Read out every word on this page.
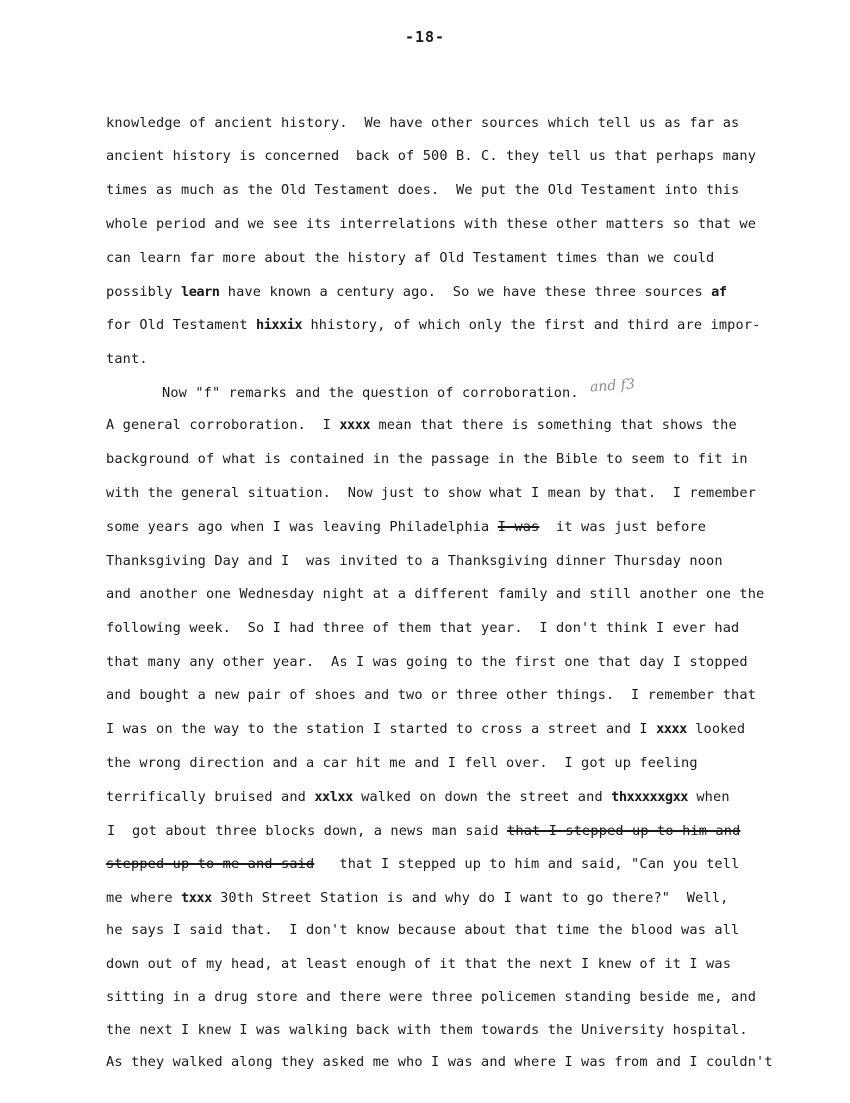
-18-
knowledge of ancient history.  We have other sources which tell us as far as
ancient history is concerned  back of 500 B. C. they tell us that perhaps many
times as much as the Old Testament does.  We put the Old Testament into this
whole period and we see its interrelations with these other matters so that we
can learn far more about the history af Old Testament times than we could
possibly learn have known a century ago.  So we have these three sources af
for Old Testament hixxix hhistory, of which only the first and third are impor-
tant.
Now "f" remarks and the question of corroboration.
A general corroboration.  I xxxx mean that there is something that shows the
background of what is contained in the passage in the Bible to seem to fit in
with the general situation.  Now just to show what I mean by that.  I remember
some years ago when I was leaving Philadelphia I was  it was just before
Thanksgiving Day and I  was invited to a Thanksgiving dinner Thursday noon
and another one Wednesday night at a different family and still another one the
following week.  So I had three of them that year.  I don't think I ever had
that many any other year.  As I was going to the first one that day I stopped
and bought a new pair of shoes and two or three other things.  I remember that
I was on the way to the station I started to cross a street and I xxxx looked
the wrong direction and a car hit me and I fell over.  I got up feeling
terrifically bruised and xxlxx walked on down the street and thxxxxxgxx when
I  got about three blocks down, a news man said that I stepped up to him and
stepped up to me and said   that I stepped up to him and said, "Can you tell
me where txxx 30th Street Station is and why do I want to go there?"  Well,
he says I said that.  I don't know because about that time the blood was all
down out of my head, at least enough of it that the next I knew of it I was
sitting in a drug store and there were three policemen standing beside me, and
the next I knew I was walking back with them towards the University hospital.
As they walked along they asked me who I was and where I was from and I couldn't
and f3
